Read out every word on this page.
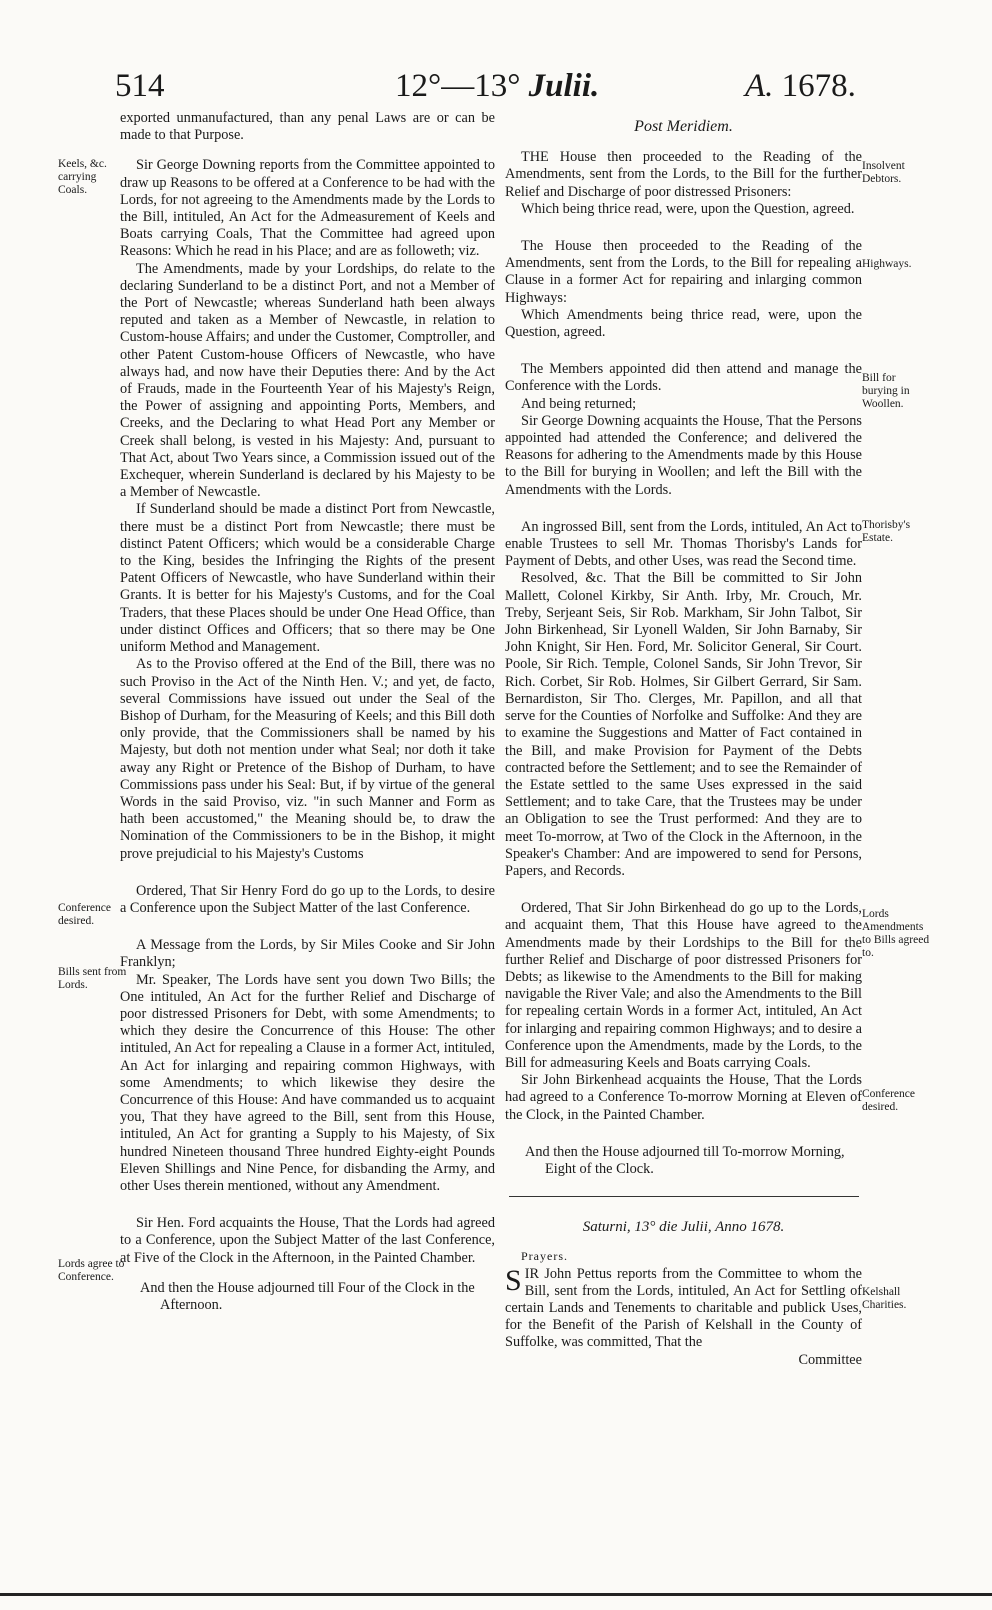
514	12°—13° Julii.	A. 1678.

exported unmanufactured, than any penal Laws are or can be made to that Purpose.

Sir George Downing reports from the Committee appointed to draw up Reasons to be offered at a Conference to be had with the Lords, for not agreeing to the Amendments made by the Lords to the Bill, intituled, An Act for the Admeasurement of Keels and Boats carrying Coals, That the Committee had agreed upon Reasons: Which he read in his Place; and are as followeth; viz.

The Amendments, made by your Lordships, do relate to the declaring Sunderland to be a distinct Port, and not a Member of the Port of Newcastle; whereas Sunderland hath been always reputed and taken as a Member of Newcastle, in relation to Custom-house Affairs; and under the Customer, Comptroller, and other Patent Custom-house Officers of Newcastle, who have always had, and now have their Deputies there: And by the Act of Frauds, made in the Fourteenth Year of his Majesty's Reign, the Power of assigning and appointing Ports, Members, and Creeks, and the Declaring to what Head Port any Member or Creek shall belong, is vested in his Majesty: And, pursuant to That Act, about Two Years since, a Commission issued out of the Exchequer, wherein Sunderland is declared by his Majesty to be a Member of Newcastle.

If Sunderland should be made a distinct Port from Newcastle, there must be a distinct Port from Newcastle; there must be distinct Patent Officers; which would be a considerable Charge to the King, besides the Infringing the Rights of the present Patent Officers of Newcastle, who have Sunderland within their Grants. It is better for his Majesty's Customs, and for the Coal Traders, that these Places should be under One Head Office, than under distinct Offices and Officers; that so there may be One uniform Method and Management.

As to the Proviso offered at the End of the Bill, there was no such Proviso in the Act of the Ninth Hen. V.; and yet, de facto, several Commissions have issued out under the Seal of the Bishop of Durham, for the Measuring of Keels; and this Bill doth only provide, that the Commissioners shall be named by his Majesty, but doth not mention under what Seal; nor doth it take away any Right or Pretence of the Bishop of Durham, to have Commissions pass under his Seal: But, if by virtue of the general Words in the said Proviso, viz. "in such Manner and Form as hath been accustomed," the Meaning should be, to draw the Nomination of the Commissioners to be in the Bishop, it might prove prejudicial to his Majesty's Customs

Ordered, That Sir Henry Ford do go up to the Lords, to desire a Conference upon the Subject Matter of the last Conference.

A Message from the Lords, by Sir Miles Cooke and Sir John Franklyn;

Mr. Speaker, The Lords have sent you down Two Bills; the One intituled, An Act for the further Relief and Discharge of poor distressed Prisoners for Debt, with some Amendments; to which they desire the Concurrence of this House: The other intituled, An Act for repealing a Clause in a former Act, intituled, An Act for inlarging and repairing common Highways, with some Amendments; to which likewise they desire the Concurrence of this House: And have commanded us to acquaint you, That they have agreed to the Bill, sent from this House, intituled, An Act for granting a Supply to his Majesty, of Six hundred Nineteen thousand Three hundred Eighty-eight Pounds Eleven Shillings and Nine Pence, for disbanding the Army, and other Uses therein mentioned, without any Amendment.

Sir Hen. Ford acquaints the House, That the Lords had agreed to a Conference, upon the Subject Matter of the last Conference, at Five of the Clock in the Afternoon, in the Painted Chamber.

And then the House adjourned till Four of the Clock in the Afternoon.

Post Meridiem.

THE House then proceeded to the Reading of the Amendments, sent from the Lords, to the Bill for the further Relief and Discharge of poor distressed Prisoners:

Which being thrice read, were, upon the Question, agreed.

The House then proceeded to the Reading of the Amendments, sent from the Lords, to the Bill for repealing a Clause in a former Act for repairing and inlarging common Highways:

Which Amendments being thrice read, were, upon the Question, agreed.

The Members appointed did then attend and manage the Conference with the Lords.

And being returned;

Sir George Downing acquaints the House, That the Persons appointed had attended the Conference; and delivered the Reasons for adhering to the Amendments made by this House to the Bill for burying in Woollen; and left the Bill with the Amendments with the Lords.

An ingrossed Bill, sent from the Lords, intituled, An Act to enable Trustees to sell Mr. Thomas Thorisby's Lands for Payment of Debts, and other Uses, was read the Second time.

Resolved, &c. That the Bill be committed to Sir John Mallett, Colonel Kirkby, Sir Anth. Irby, Mr. Crouch, Mr. Treby, Serjeant Seis, Sir Rob. Markham, Sir John Talbot, Sir John Birkenhead, Sir Lyonell Walden, Sir John Barnaby, Sir John Knight, Sir Hen. Ford, Mr. Solicitor General, Sir Court. Poole, Sir Rich. Temple, Colonel Sands, Sir John Trevor, Sir Rich. Corbet, Sir Rob. Holmes, Sir Gilbert Gerrard, Sir Sam. Bernardiston, Sir Tho. Clerges, Mr. Papillon, and all that serve for the Counties of Norfolke and Suffolke: And they are to examine the Suggestions and Matter of Fact contained in the Bill, and make Provision for Payment of the Debts contracted before the Settlement; and to see the Remainder of the Estate settled to the same Uses expressed in the said Settlement; and to take Care, that the Trustees may be under an Obligation to see the Trust performed: And they are to meet To-morrow, at Two of the Clock in the Afternoon, in the Speaker's Chamber: And are impowered to send for Persons, Papers, and Records.

Ordered, That Sir John Birkenhead do go up to the Lords, and acquaint them, That this House have agreed to the Amendments made by their Lordships to the Bill for the further Relief and Discharge of poor distressed Prisoners for Debts; as likewise to the Amendments to the Bill for making navigable the River Vale; and also the Amendments to the Bill for repealing certain Words in a former Act, intituled, An Act for inlarging and repairing common Highways; and to desire a Conference upon the Amendments, made by the Lords, to the Bill for admeasuring Keels and Boats carrying Coals.

Sir John Birkenhead acquaints the House, That the Lords had agreed to a Conference To-morrow Morning at Eleven of the Clock, in the Painted Chamber.

And then the House adjourned till To-morrow Morning, Eight of the Clock.

Saturni, 13° die Julii, Anno 1678.

Prayers.

SIR John Pettus reports from the Committee to whom the Bill, sent from the Lords, intituled, An Act for Settling of certain Lands and Tenements to charitable and publick Uses, for the Benefit of the Parish of Kelshall in the County of Suffolke, was committed, That the

Committee

Keels, &c. carrying Coals.
Conference desired.
Bills sent from Lords.
Lords agree to Conference.
Insolvent Debtors.
Highways.
Bill for burying in Woollen.
Thorisby's Estate.
Lords Amendments to Bills agreed to.
Conference desired.
Kelshall Charities.
